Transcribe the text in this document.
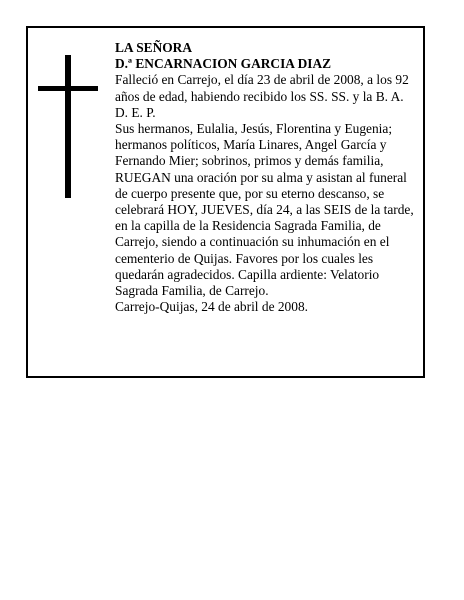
LA SEÑORA

D.ª ENCARNACION GARCIA DIAZ

Falleció en Carrejo, el día 23 de abril de 2008, a los 92 años de edad, habiendo recibido los SS. SS. y la B. A.

D. E. P.

Sus hermanos, Eulalia, Jesús, Florentina y Eugenia; hermanos políticos, María Linares, Angel García y Fernando Mier; sobrinos, primos y demás familia,

RUEGAN una oración por su alma y asistan al funeral de cuerpo presente que, por su eterno descanso, se celebrará HOY, JUEVES, día 24, a las SEIS de la tarde, en la capilla de la Residencia Sagrada Familia, de Carrejo, siendo a continuación su inhumación en el cementerio de Quijas. Favores por los cuales les quedarán agradecidos. Capilla ardiente: Velatorio Sagrada Familia, de Carrejo.

Carrejo-Quijas, 24 de abril de 2008.
